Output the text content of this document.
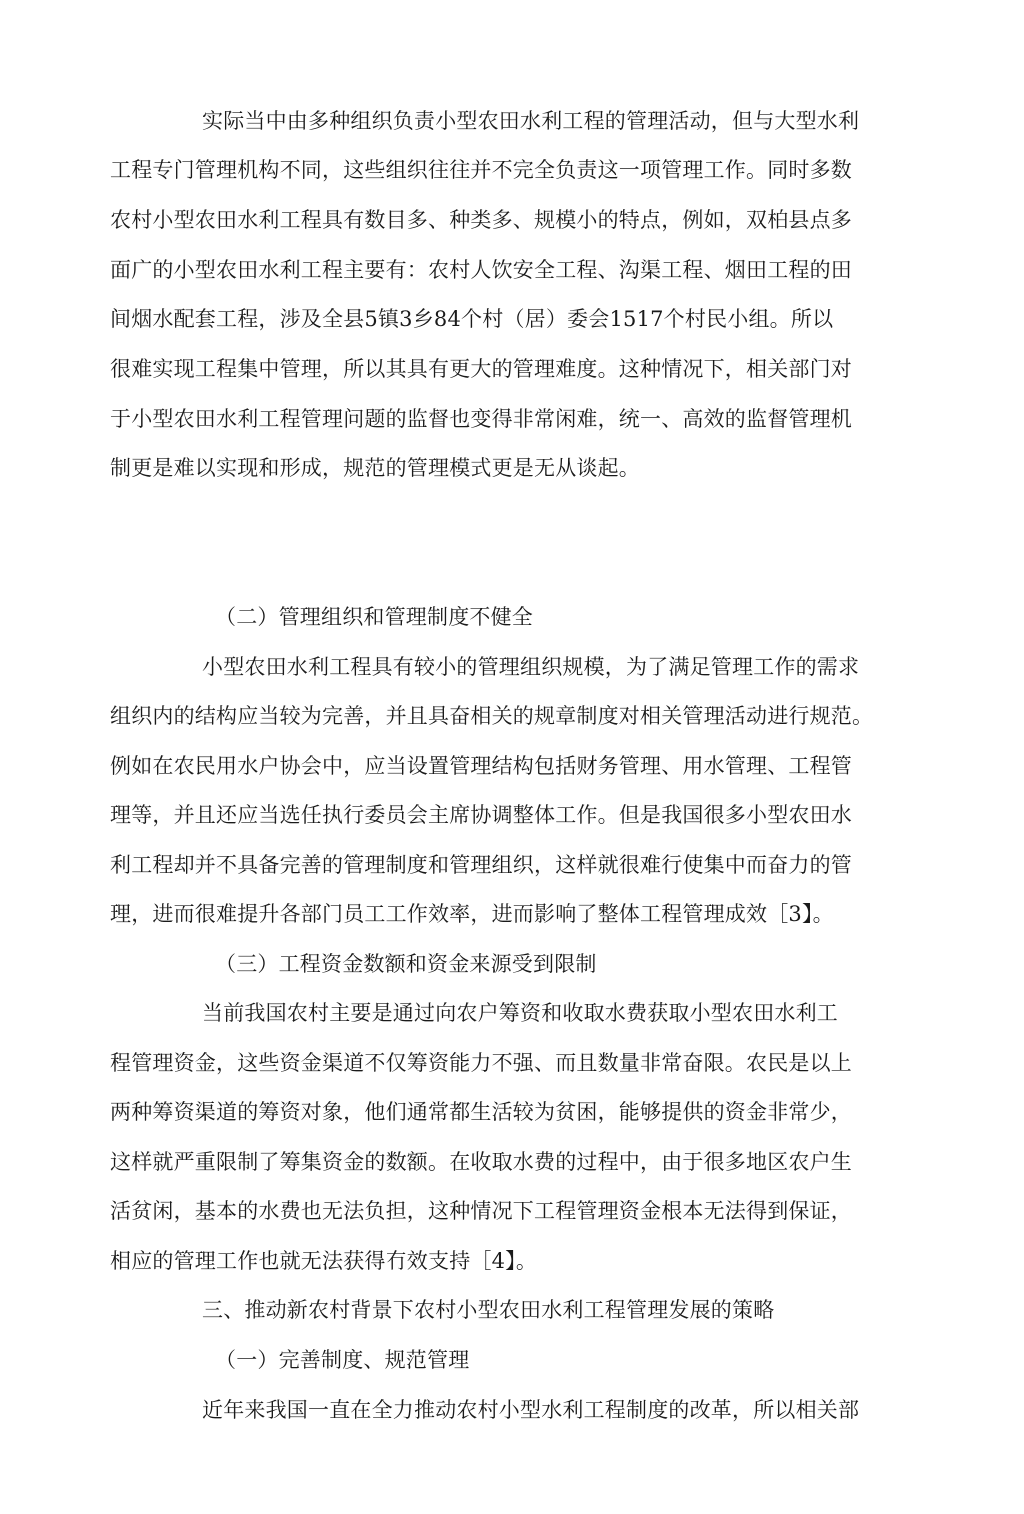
实际当中由多种组织负责小型农田水利工程的管理活动，但与大型水利
工程专门管理机构不同，这些组织往往并不完全负责这一项管理工作。同时多数
农村小型农田水利工程具有数目多、种类多、规模小的特点，例如，双柏县点多
面广的小型农田水利工程主要有：农村人饮安全工程、沟渠工程、烟田工程的田
间烟水配套工程，涉及全县5镇3乡84个村（居）委会1517个村民小组。所以
很难实现工程集中管理，所以其具有更大的管理难度。这种情况下，相关部门对
于小型农田水利工程管理问题的监督也变得非常闲难，统一、高效的监督管理机
制更是难以实现和形成，规范的管理模式更是无从谈起。
（二）管理组织和管理制度不健全
小型农田水利工程具有较小的管理组织规模，为了满足管理工作的需求
组织内的结构应当较为完善，并且具奋相关的规章制度对相关管理活动进行规范。
例如在农民用水户协会中，应当设置管理结构包括财务管理、用水管理、工程管
理等，并且还应当选任执行委员会主席协调整体工作。但是我国很多小型农田水
利工程却并不具备完善的管理制度和管理组织，这样就很难行使集中而奋力的管
理，进而很难提升各部门员工工作效率，进而影响了整体工程管理成效［3】。
（三）工程资金数额和资金来源受到限制
当前我国农村主要是通过向农户筹资和收取水费获取小型农田水利工
程管理资金，这些资金渠道不仅筹资能力不强、而且数量非常奋限。农民是以上
两种筹资渠道的筹资对象，他们通常都生活较为贫困，能够提供的资金非常少，
这样就严重限制了筹集资金的数额。在收取水费的过程中，由于很多地区农户生
活贫闲，基本的水费也无法负担，这种情况下工程管理资金根本无法得到保证，
相应的管理工作也就无法获得冇效支持［4】。
三、推动新农村背景下农村小型农田水利工程管理发展的策略
（一）完善制度、规范管理
近年来我国一直在全力推动农村小型水利工程制度的改革，所以相关部
